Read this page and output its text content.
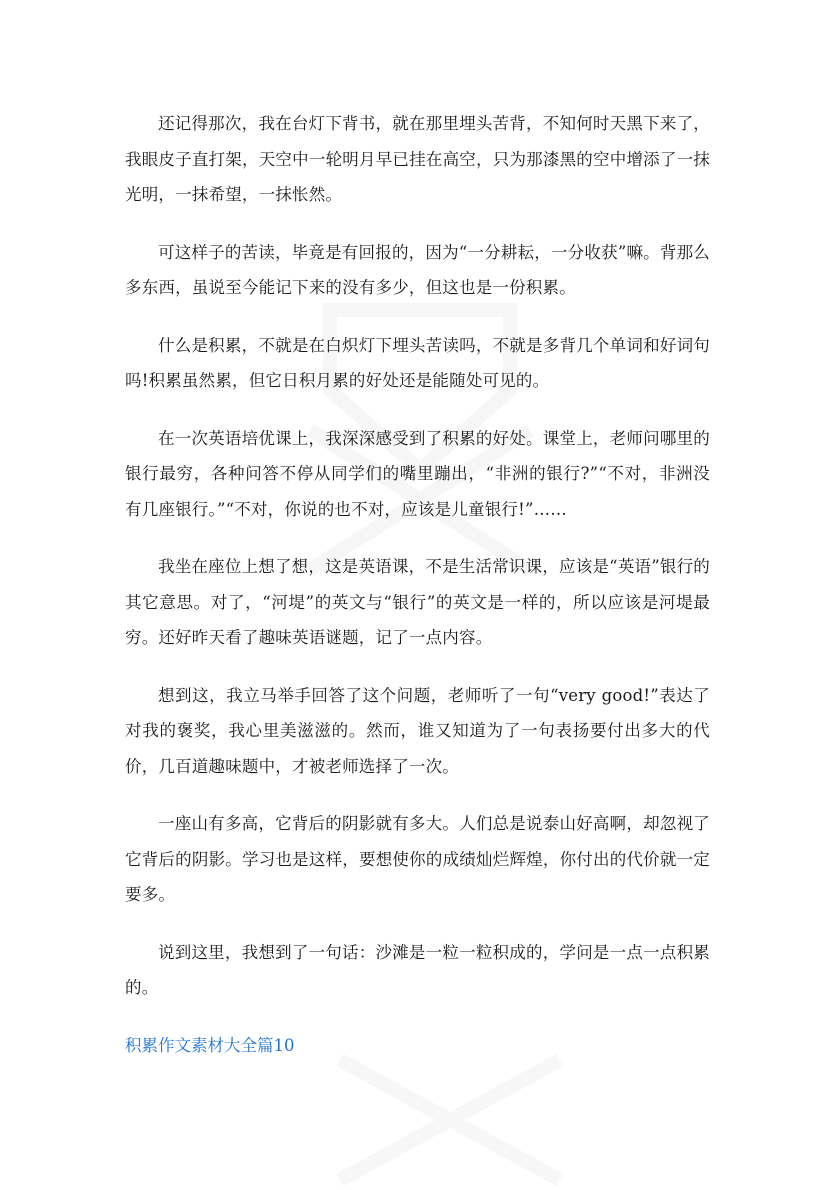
还记得那次，我在台灯下背书，就在那里埋头苦背，不知何时天黑下来了，我眼皮子直打架，天空中一轮明月早已挂在高空，只为那漆黑的空中增添了一抹光明，一抹希望，一抹怅然。

可这样子的苦读，毕竟是有回报的，因为“一分耕耘，一分收获”嘛。背那么多东西，虽说至今能记下来的没有多少，但这也是一份积累。

什么是积累，不就是在白炽灯下埋头苦读吗，不就是多背几个单词和好词句吗!积累虽然累，但它日积月累的好处还是能随处可见的。

在一次英语培优课上，我深深感受到了积累的好处。课堂上，老师问哪里的银行最穷，各种问答不停从同学们的嘴里蹦出，“非洲的银行?”“不对，非洲没有几座银行。”“不对，你说的也不对，应该是儿童银行!”……

我坐在座位上想了想，这是英语课，不是生活常识课，应该是“英语”银行的其它意思。对了，“河堤”的英文与“银行”的英文是一样的，所以应该是河堤最穷。还好昨天看了趣味英语谜题，记了一点内容。

想到这，我立马举手回答了这个问题，老师听了一句“very good!”表达了对我的褒奖，我心里美滋滋的。然而，谁又知道为了一句表扬要付出多大的代价，几百道趣味题中，才被老师选择了一次。

一座山有多高，它背后的阴影就有多大。人们总是说泰山好高啊，却忽视了它背后的阴影。学习也是这样，要想使你的成绩灿烂辉煌，你付出的代价就一定要多。

说到这里，我想到了一句话：沙滩是一粒一粒积成的，学问是一点一点积累的。

积累作文素材大全篇10
